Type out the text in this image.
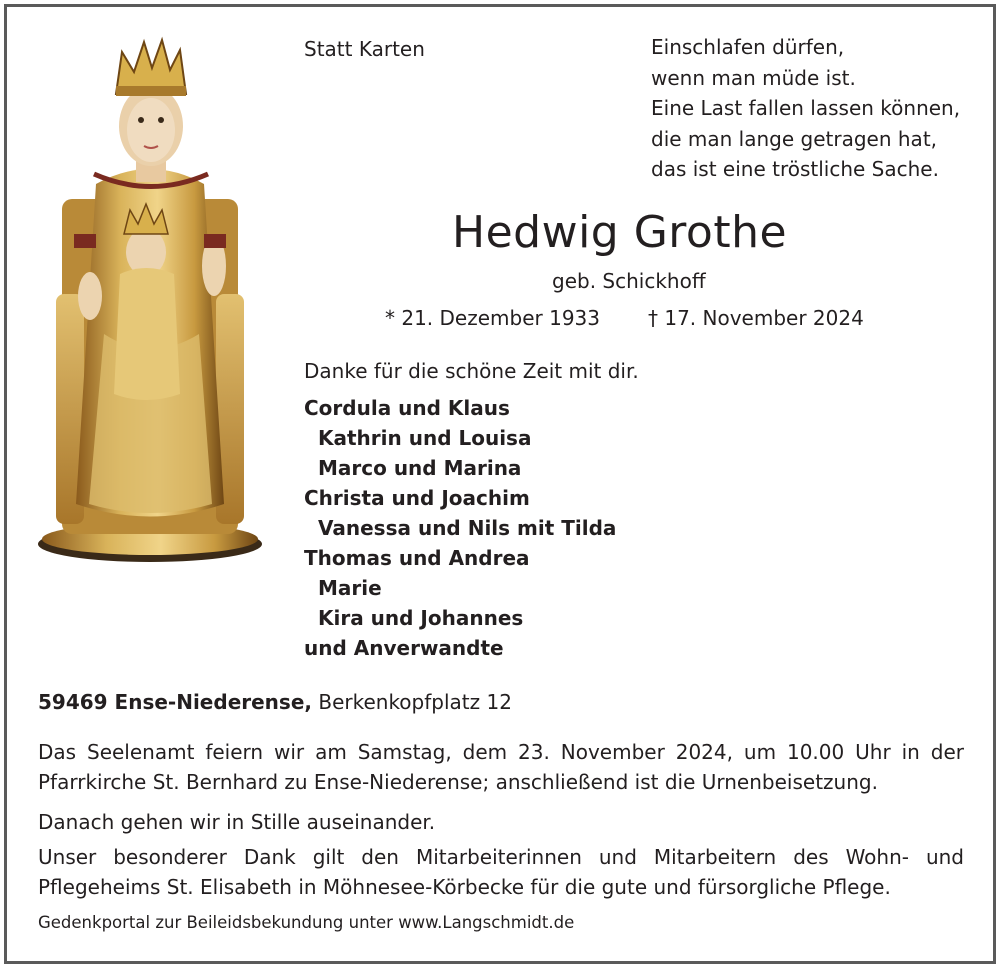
Statt Karten	Einschlafen dürfen,
wenn man müde ist.
Eine Last fallen lassen können,
die man lange getragen hat,
das ist eine tröstliche Sache.
Hedwig Grothe
geb. Schickhoff
* 21. Dezember 1933 † 17. November 2024
Danke für die schöne Zeit mit dir.
Cordula und Klaus
Kathrin und Louisa
Marco und Marina
Christa und Joachim
Vanessa und Nils mit Tilda
Thomas und Andrea
Marie
Kira und Johannes
und Anverwandte
59469 Ense-Niederense, Berkenkopfplatz 12
Das Seelenamt feiern wir am Samstag, dem 23. November 2024, um 10.00 Uhr in der Pfarrkirche St. Bernhard zu Ense-Niederense; anschließend ist die Urnenbeisetzung.
Danach gehen wir in Stille auseinander.
Unser besonderer Dank gilt den Mitarbeiterinnen und Mitarbeitern des Wohn- und Pflegeheims St. Elisabeth in Möhnesee-Körbecke für die gute und fürsorgliche Pflege.
Gedenkportal zur Beileidsbekundung unter www.Langschmidt.de
